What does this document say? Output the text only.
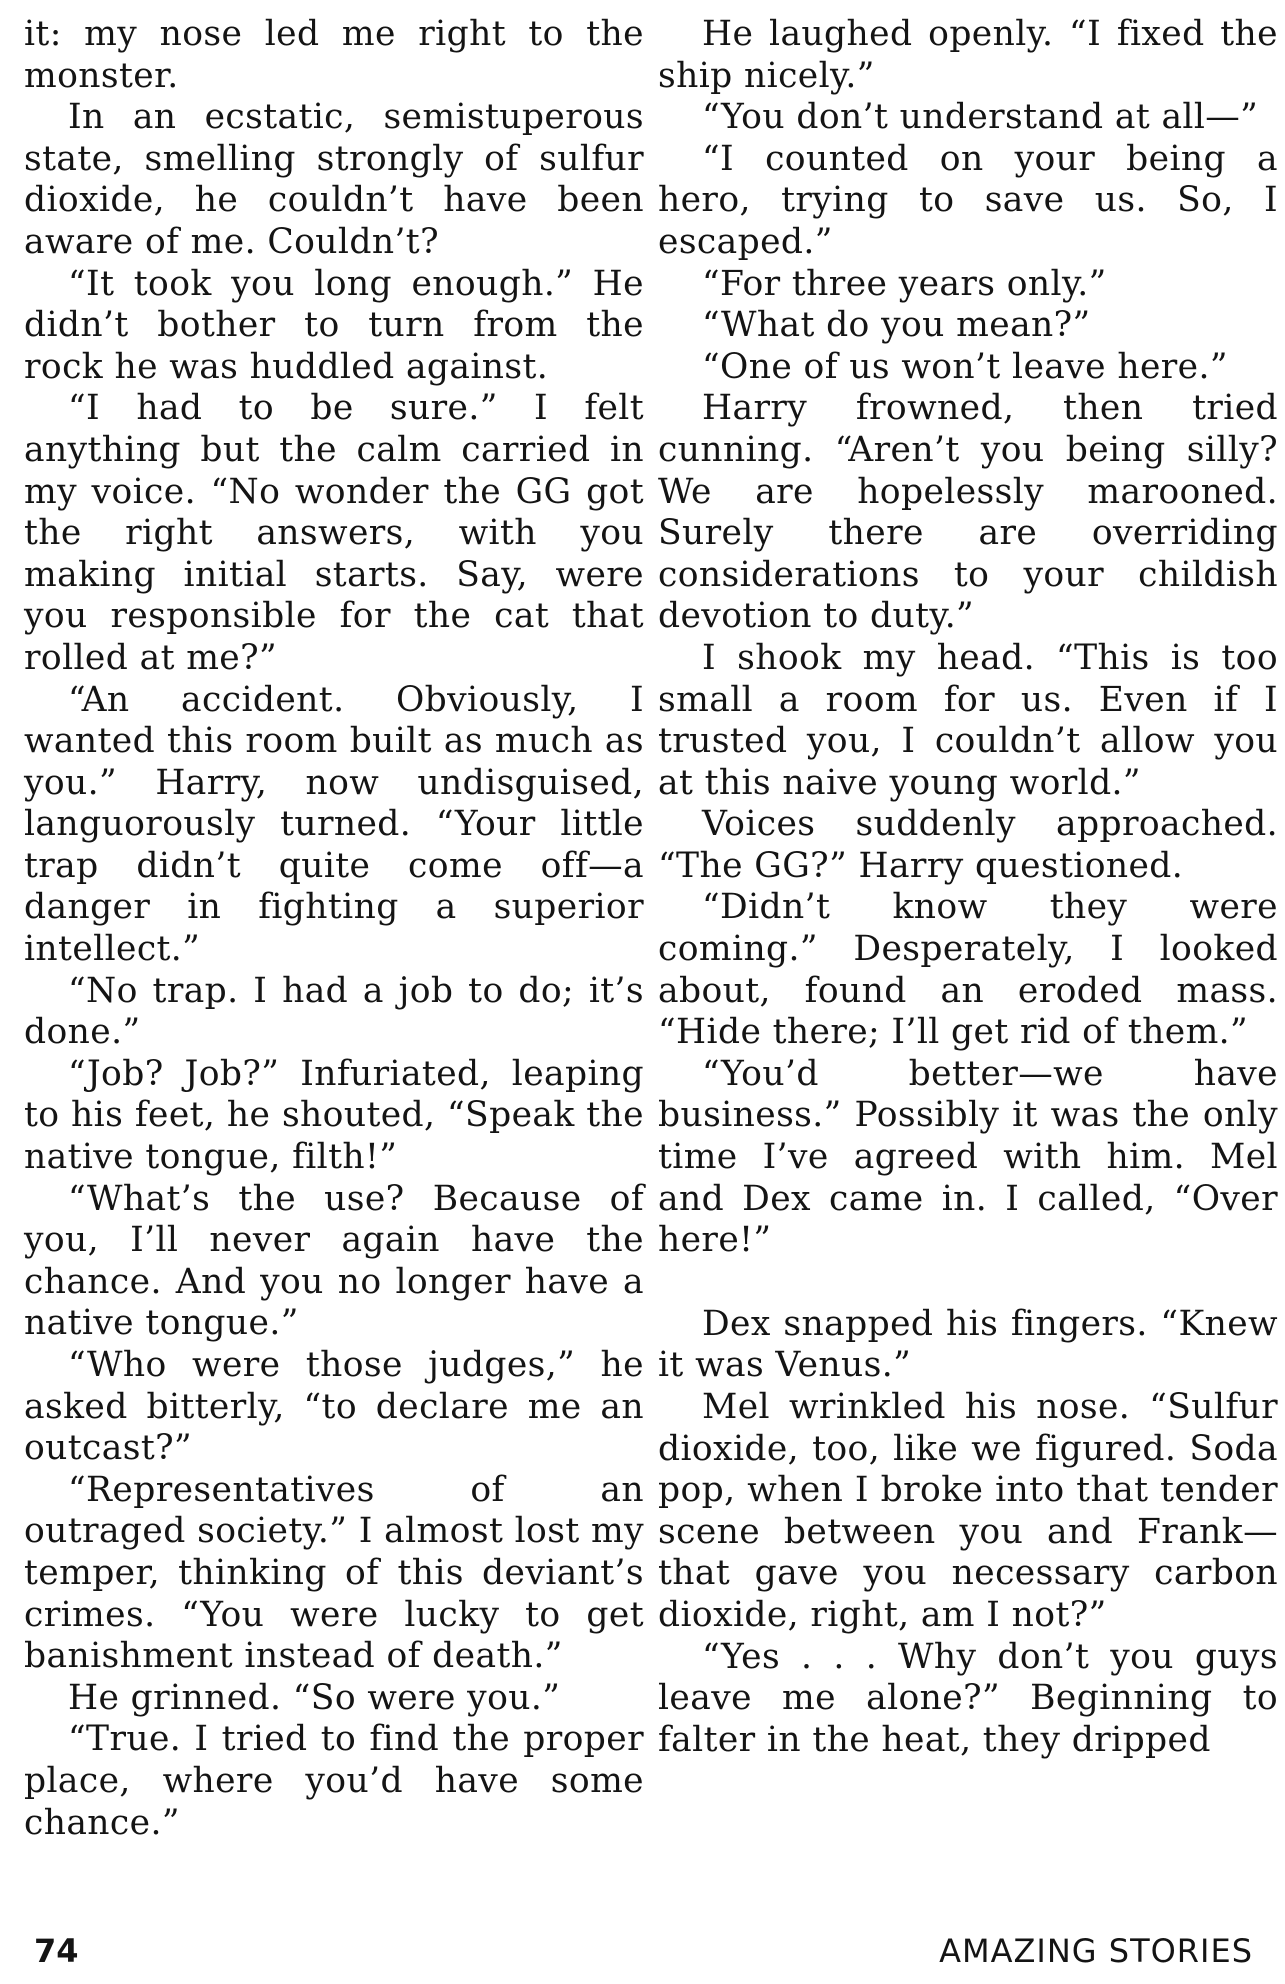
it: my nose led me right to the monster.

In an ecstatic, semistuperous state, smelling strongly of sulfur dioxide, he couldn’t have been aware of me. Couldn’t?

“It took you long enough.” He didn’t bother to turn from the rock he was huddled against.

“I had to be sure.” I felt anything but the calm carried in my voice. “No wonder the GG got the right answers, with you making initial starts. Say, were you responsible for the cat that rolled at me?”

“An accident. Obviously, I wanted this room built as much as you.” Harry, now undisguised, languorously turned. “Your little trap didn’t quite come off—a danger in fighting a superior intellect.”

“No trap. I had a job to do; it’s done.”

“Job? Job?” Infuriated, leaping to his feet, he shouted, “Speak the native tongue, filth!”

“What’s the use? Because of you, I’ll never again have the chance. And you no longer have a native tongue.”

“Who were those judges,” he asked bitterly, “to declare me an outcast?”

“Representatives of an outraged society.” I almost lost my temper, thinking of this deviant’s crimes. “You were lucky to get banishment instead of death.”

He grinned. “So were you.”

“True. I tried to find the proper place, where you’d have some chance.”

He laughed openly. “I fixed the ship nicely.”

“You don’t understand at all—”

“I counted on your being a hero, trying to save us. So, I escaped.”

“For three years only.”

“What do you mean?”

“One of us won’t leave here.”

Harry frowned, then tried cunning. “Aren’t you being silly? We are hopelessly marooned. Surely there are overriding considerations to your childish devotion to duty.”

I shook my head. “This is too small a room for us. Even if I trusted you, I couldn’t allow you at this naive young world.”

Voices suddenly approached. “The GG?” Harry questioned.

“Didn’t know they were coming.” Desperately, I looked about, found an eroded mass. “Hide there; I’ll get rid of them.”

“You’d better—we have business.” Possibly it was the only time I’ve agreed with him. Mel and Dex came in. I called, “Over here!”

Dex snapped his fingers. “Knew it was Venus.”

Mel wrinkled his nose. “Sulfur dioxide, too, like we figured. Soda pop, when I broke into that tender scene between you and Frank—that gave you necessary carbon dioxide, right, am I not?”

“Yes . . . Why don’t you guys leave me alone?” Beginning to falter in the heat, they dripped

74	AMAZING STORIES
